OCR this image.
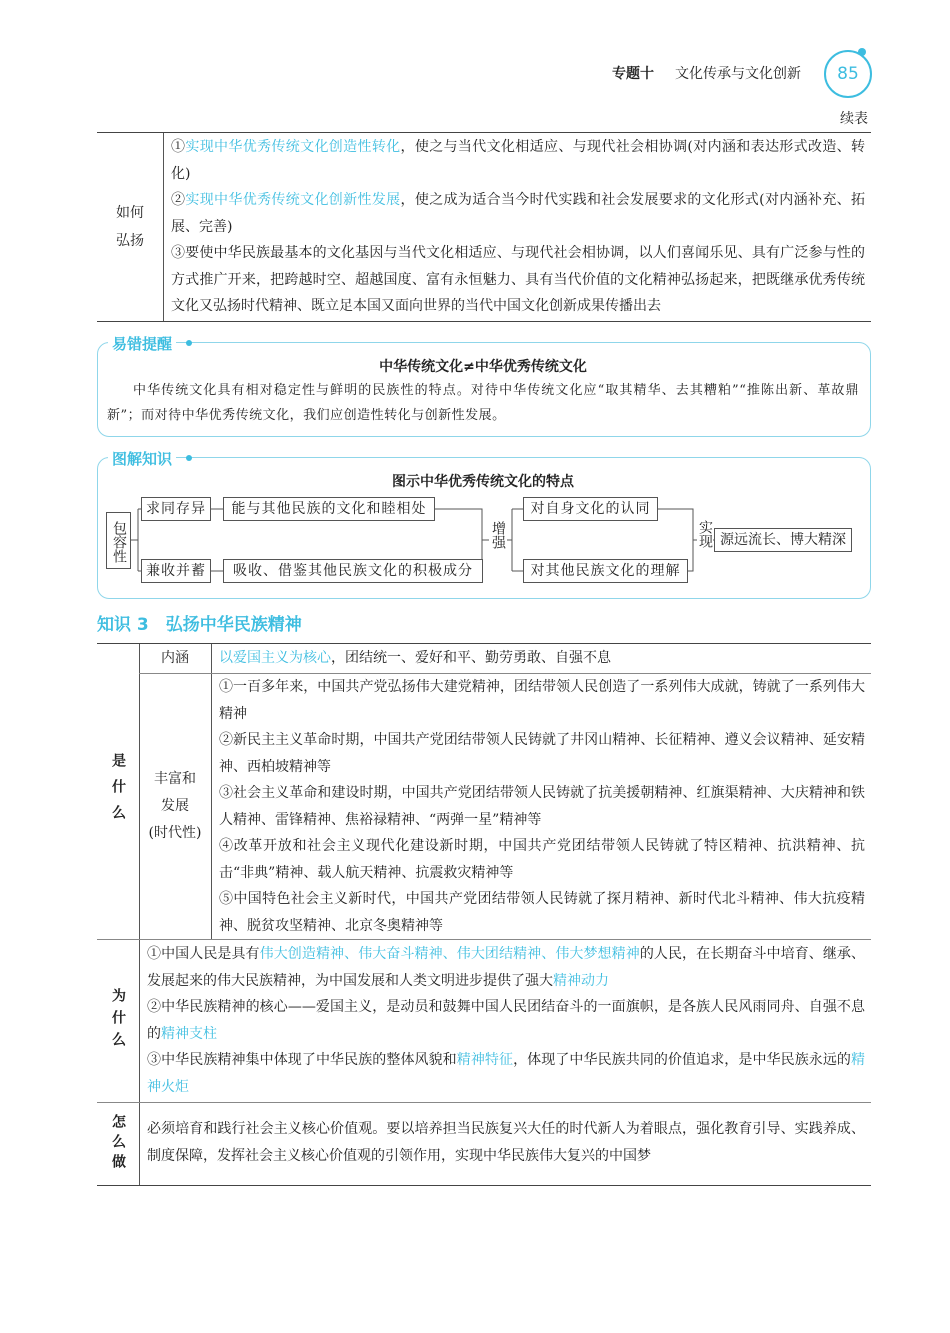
专题十 文化传承与文化创新	85
续表
如何
弘扬
①实现中华优秀传统文化创造性转化，使之与当代文化相适应、与现代社会相协调(对内涵和表达形式改造、转化)
②实现中华优秀传统文化创新性发展，使之成为适合当今时代实践和社会发展要求的文化形式(对内涵补充、拓展、完善)
③要使中华民族最基本的文化基因与当代文化相适应、与现代社会相协调，以人们喜闻乐见、具有广泛参与性的方式推广开来，把跨越时空、超越国度、富有永恒魅力、具有当代价值的文化精神弘扬起来，把既继承优秀传统文化又弘扬时代精神、既立足本国又面向世界的当代中国文化创新成果传播出去
易错提醒
中华传统文化≠中华优秀传统文化
中华传统文化具有相对稳定性与鲜明的民族性的特点。对待中华传统文化应“取其精华、去其糟粕”“推陈出新、革故鼎新”；而对待中华优秀传统文化，我们应创造性转化与创新性发展。
图解知识
图示中华优秀传统文化的特点
包容性
求同存异	能与其他民族的文化和睦相处
兼收并蓄	吸收、借鉴其他民族文化的积极成分
增强
对自身文化的认同
对其他民族文化的理解
实现 源远流长、博大精深
知识 3　弘扬中华民族精神
是什么
内涵	以爱国主义为核心，团结统一、爱好和平、勤劳勇敢、自强不息
丰富和
发展
(时代性)
①一百多年来，中国共产党弘扬伟大建党精神，团结带领人民创造了一系列伟大成就，铸就了一系列伟大精神
②新民主主义革命时期，中国共产党团结带领人民铸就了井冈山精神、长征精神、遵义会议精神、延安精神、西柏坡精神等
③社会主义革命和建设时期，中国共产党团结带领人民铸就了抗美援朝精神、红旗渠精神、大庆精神和铁人精神、雷锋精神、焦裕禄精神、“两弹一星”精神等
④改革开放和社会主义现代化建设新时期，中国共产党团结带领人民铸就了特区精神、抗洪精神、抗击“非典”精神、载人航天精神、抗震救灾精神等
⑤中国特色社会主义新时代，中国共产党团结带领人民铸就了探月精神、新时代北斗精神、伟大抗疫精神、脱贫攻坚精神、北京冬奥精神等
为什么
①中国人民是具有伟大创造精神、伟大奋斗精神、伟大团结精神、伟大梦想精神的人民，在长期奋斗中培育、继承、发展起来的伟大民族精神，为中国发展和人类文明进步提供了强大精神动力
②中华民族精神的核心——爱国主义，是动员和鼓舞中国人民团结奋斗的一面旗帜，是各族人民风雨同舟、自强不息的精神支柱
③中华民族精神集中体现了中华民族的整体风貌和精神特征，体现了中华民族共同的价值追求，是中华民族永远的精神火炬
怎么做	必须培育和践行社会主义核心价值观。要以培养担当民族复兴大任的时代新人为着眼点，强化教育引导、实践养成、制度保障，发挥社会主义核心价值观的引领作用，实现中华民族伟大复兴的中国梦
